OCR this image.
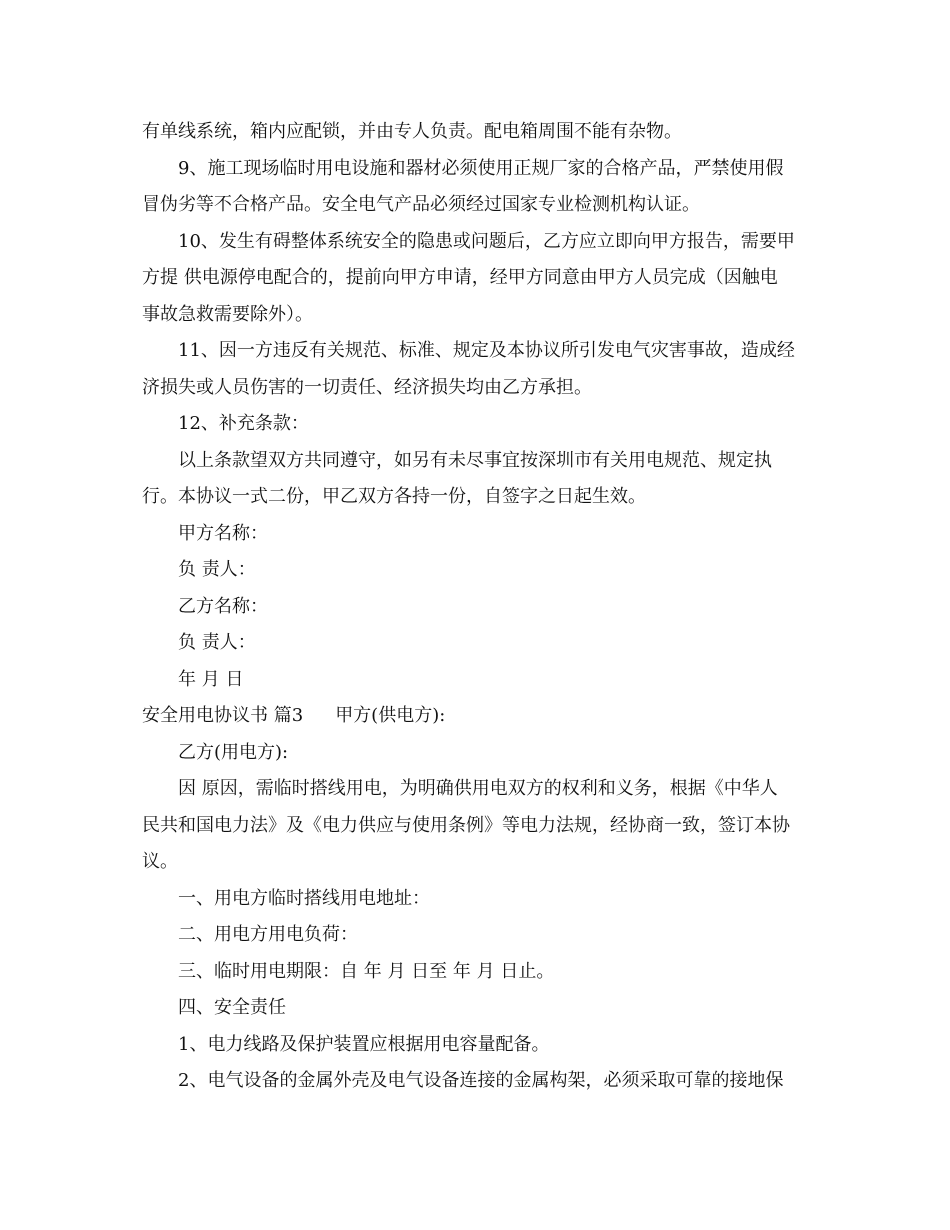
有单线系统，箱内应配锁，并由专人负责。配电箱周围不能有杂物。
9、施工现场临时用电设施和器材必须使用正规厂家的合格产品，严禁使用假
冒伪劣等不合格产品。安全电气产品必须经过国家专业检测机构认证。
10、发生有碍整体系统安全的隐患或问题后，乙方应立即向甲方报告，需要甲
方提 供电源停电配合的，提前向甲方申请，经甲方同意由甲方人员完成（因触电
事故急救需要除外）。
11、因一方违反有关规范、标准、规定及本协议所引发电气灾害事故，造成经
济损失或人员伤害的一切责任、经济损失均由乙方承担。
12、补充条款：
以上条款望双方共同遵守，如另有未尽事宜按深圳市有关用电规范、规定执
行。本协议一式二份，甲乙双方各持一份，自签字之日起生效。
甲方名称：
负 责人：
乙方名称：
负 责人：
年 月 日
安全用电协议书 篇3 甲方(供电方):
乙方(用电方):
因 原因，需临时搭线用电，为明确供用电双方的权利和义务，根据《中华人
民共和国电力法》及《电力供应与使用条例》等电力法规，经协商一致，签订本协
议。
一、用电方临时搭线用电地址：
二、用电方用电负荷：
三、临时用电期限：自 年 月 日至 年 月 日止。
四、安全责任
1、电力线路及保护装置应根据用电容量配备。
2、电气设备的金属外壳及电气设备连接的金属构架，必须采取可靠的接地保
